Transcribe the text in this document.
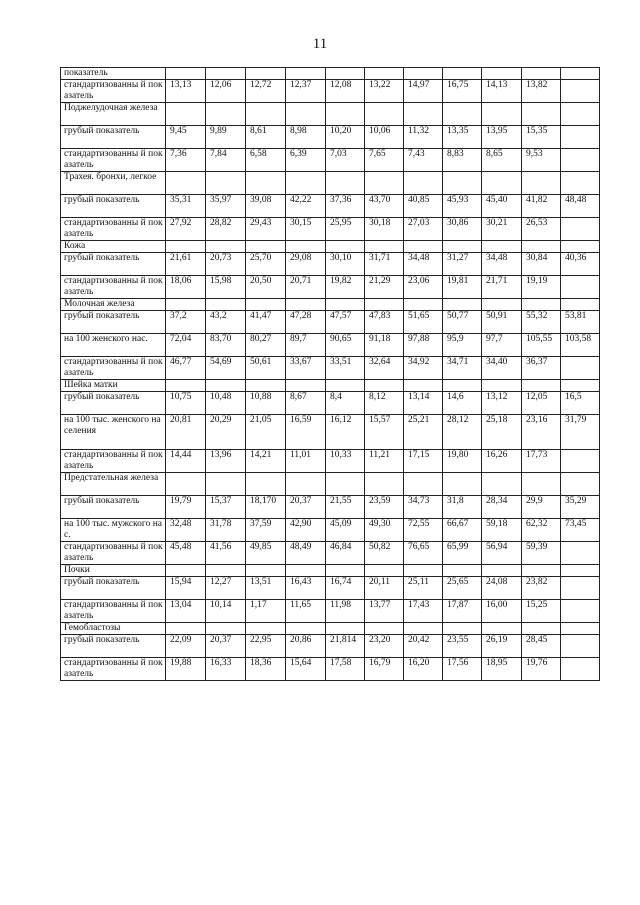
11
показатель											
стандартизованны й показатель	13,13	12,06	12,72	12,37	12,08	13,22	14,97	16,75	14,13	13,82	
Поджелудочная железа											
грубый показатель	9,45	9,89	8,61	8,98	10,20	10,06	11,32	13,35	13,95	15,35	
стандартизованны й показатель	7,36	7,84	6,58	6,39	7,03	7,65	7,43	8,83	8,65	9,53	
Трахея. бронхи, легкое											
грубый показатель	35,31	35,97	39,08	42,22	37,36	43,70	40,85	45,93	45,40	41,82	48,48
стандартизованны й показатель	27,92	28,82	29,43	30,15	25,95	30,18	27,03	30,86	30,21	26,53	
Кожа											
грубый показатель	21,61	20,73	25,70	29,08	30,10	31,71	34,48	31,27	34,48	30,84	40,36
стандартизованны й показатель	18,06	15,98	20,50	20,71	19,82	21,29	23,06	19,81	21,71	19,19	
Молочная железа											
грубый показатель	37,2	43,2	41,47	47,28	47,57	47,83	51,65	50,77	50,91	55,32	53,81
на 100 женского нас.	72,04	83,70	80,27	89,7	90,65	91,18	97,88	95,9	97,7	105,55	103,58
стандартизованны й показатель	46,77	54,69	50,61	33,67	33,51	32,64	34,92	34,71	34,40	36,37	
Шейка матки											
грубый показатель	10,75	10,48	10,88	8,67	8,4	8,12	13,14	14,6	13,12	12,05	16,5
на 100 тыс. женского населения	20,81	20,29	21,05	16,59	16,12	15,57	25,21	28,12	25,18	23,16	31,79
стандартизованны й показатель	14,44	13,96	14,21	11,01	10,33	11,21	17,15	19,80	16,26	17,73	
Предстательная железа											
грубый показатель	19,79	15,37	18,170	20,37	21,55	23,59	34,73	31,8	28,34	29,9	35,29
на 100 тыс. мужского нас.	32,48	31,78	37,59	42,90	45,09	49,30	72,55	66,67	59,18	62,32	73,45
стандартизованны й показатель	45,48	41,56	49,85	48,49	46,84	50,82	76,65	65,99	56,94	59,39	
Почки											
грубый показатель	15,94	12,27	13,51	16,43	16,74	20,11	25,11	25,65	24,08	23,82	
стандартизованны й показатель	13,04	10,14	1,17	11,65	11,98	13,77	17,43	17,87	16,00	15,25	
Гемобластозы											
грубый показатель	22,09	20,37	22,95	20,86	21,814	23,20	20,42	23,55	26,19	28,45	
стандартизованны й показатель	19,88	16,33	18,36	15,64	17,58	16,79	16,20	17,56	18,95	19,76	
